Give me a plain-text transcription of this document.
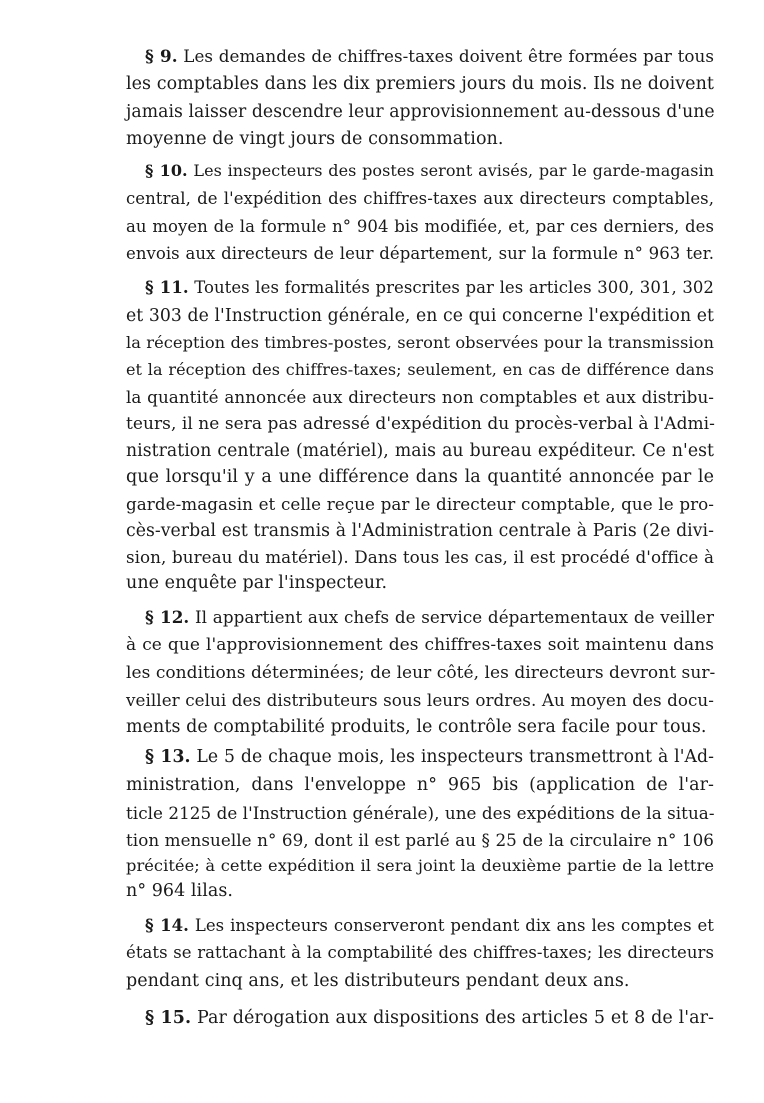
§ 9. Les demandes de chiffres-taxes doivent être formées par tous
les comptables dans les dix premiers jours du mois. Ils ne doivent
jamais laisser descendre leur approvisionnement au-dessous d'une
moyenne de vingt jours de consommation.
§ 10. Les inspecteurs des postes seront avisés, par le garde-magasin
central, de l'expédition des chiffres-taxes aux directeurs comptables,
au moyen de la formule n° 904 bis modifiée, et, par ces derniers, des
envois aux directeurs de leur département, sur la formule n° 963 ter.
§ 11. Toutes les formalités prescrites par les articles 300, 301, 302
et 303 de l'Instruction générale, en ce qui concerne l'expédition et
la réception des timbres-postes, seront observées pour la transmission
et la réception des chiffres-taxes; seulement, en cas de différence dans
la quantité annoncée aux directeurs non comptables et aux distribu-
teurs, il ne sera pas adressé d'expédition du procès-verbal à l'Admi-
nistration centrale (matériel), mais au bureau expéditeur. Ce n'est
que lorsqu'il y a une différence dans la quantité annoncée par le
garde-magasin et celle reçue par le directeur comptable, que le pro-
cès-verbal est transmis à l'Administration centrale à Paris (2e divi-
sion, bureau du matériel). Dans tous les cas, il est procédé d'office à
une enquête par l'inspecteur.
§ 12. Il appartient aux chefs de service départementaux de veiller
à ce que l'approvisionnement des chiffres-taxes soit maintenu dans
les conditions déterminées; de leur côté, les directeurs devront sur-
veiller celui des distributeurs sous leurs ordres. Au moyen des docu-
ments de comptabilité produits, le contrôle sera facile pour tous.
§ 13. Le 5 de chaque mois, les inspecteurs transmettront à l'Ad-
ministration, dans l'enveloppe n° 965 bis (application de l'ar-
ticle 2125 de l'Instruction générale), une des expéditions de la situa-
tion mensuelle n° 69, dont il est parlé au § 25 de la circulaire n° 106
précitée; à cette expédition il sera joint la deuxième partie de la lettre
n° 964 lilas.
§ 14. Les inspecteurs conserveront pendant dix ans les comptes et
états se rattachant à la comptabilité des chiffres-taxes; les directeurs
pendant cinq ans, et les distributeurs pendant deux ans.
§ 15. Par dérogation aux dispositions des articles 5 et 8 de l'ar-
